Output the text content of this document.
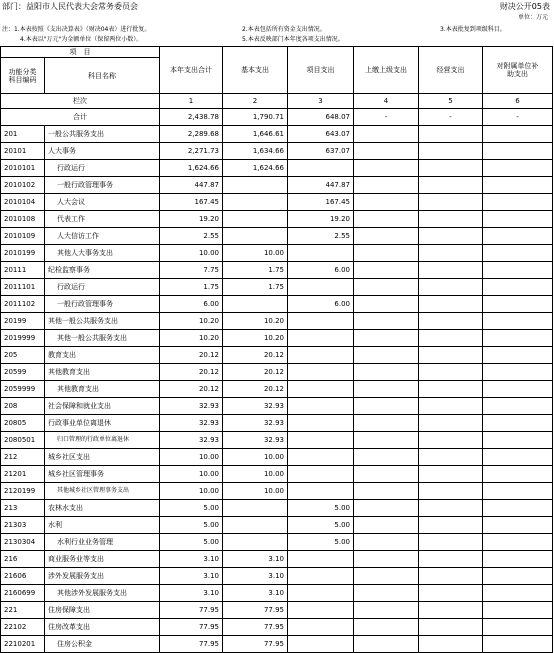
部门：益阳市人民代表大会常务委员会	财决公开05表
单位：万元
注：1.本表按照《支出决算表》（财决04表）进行批复。	2.本表包括所有资金支出情况。	3.本表批复到项级科目。
4.本表以"万元"为金额单位（保留两位小数）。	5.本表反映部门本年度各项支出情况。
项　目		本年支出合计	基本支出	项目支出	上缴上级支出	经营支出	对附属单位补
助支出
功能分类
科目编码	科目名称						
栏次		1	2	3	4	5	6
合计		2,438.78	1,790.71	648.07	-	-	-
201	一般公共服务支出	2,289.68	1,646.61	643.07			
20101	人大事务	2,271.73	1,634.66	637.07			
2010101	行政运行	1,624.66	1,624.66				
2010102	一般行政管理事务	447.87		447.87			
2010104	人大会议	167.45		167.45			
2010108	代表工作	19.20		19.20			
2010109	人大信访工作	2.55		2.55			
2010199	其他人大事务支出	10.00	10.00				
20111	纪检监察事务	7.75	1.75	6.00			
2011101	行政运行	1.75	1.75				
2011102	一般行政管理事务	6.00		6.00			
20199	其他一般公共服务支出	10.20	10.20				
2019999	其他一般公共服务支出	10.20	10.20				
205	教育支出	20.12	20.12				
20599	其他教育支出	20.12	20.12				
2059999	其他教育支出	20.12	20.12				
208	社会保障和就业支出	32.93	32.93				
20805	行政事业单位离退休	32.93	32.93				
2080501	归口管理的行政单位离退休	32.93	32.93				
212	城乡社区支出	10.00	10.00				
21201	城乡社区管理事务	10.00	10.00				
2120199	其他城乡社区管理事务支出	10.00	10.00				
213	农林水支出	5.00		5.00			
21303	水利	5.00		5.00			
2130304	水利行业业务管理	5.00		5.00			
216	商业服务业等支出	3.10	3.10				
21606	涉外发展服务支出	3.10	3.10				
2160699	其他涉外发展服务支出	3.10	3.10				
221	住房保障支出	77.95	77.95				
22102	住房改革支出	77.95	77.95				
2210201	住房公积金	77.95	77.95				
